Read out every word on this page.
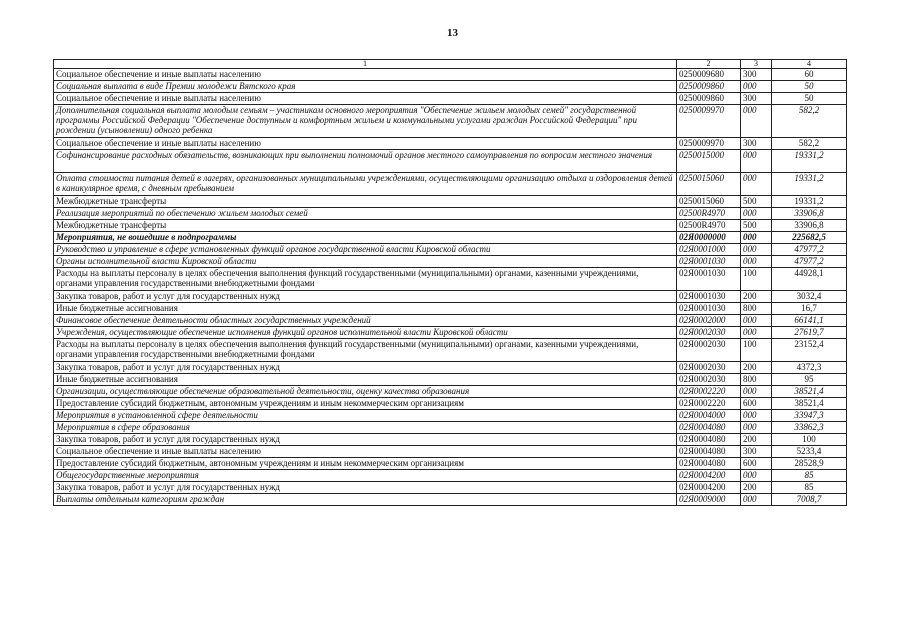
13
1	2	3	4
Социальное обеспечение и иные выплаты населению	0250009680	300	60
Социальная выплата в виде Премии молодежи Вятского края	0250009860	000	50
Социальное обеспечение и иные выплаты населению	0250009860	300	50
Дополнительная социальная выплата молодым семьям – участникам основного мероприятия "Обеспечение жильем молодых семей" государственной программы Российской Федерации "Обеспечение доступным и комфортным жильем и коммунальными услугами граждан Российской Федерации" при рождении (усыновлении) одного ребенка	0250009970	000	582,2
Социальное обеспечение и иные выплаты населению	0250009970	300	582,2
Софинансирование расходных обязательств, возникающих при выполнении полномочий органов местного самоуправления по вопросам местного значения	0250015000	000	19331,2
Оплата стоимости питания детей в лагерях, организованных муниципальными учреждениями, осуществляющими организацию отдыха и оздоровления детей в каникулярное время, с дневным пребыванием	0250015060	000	19331,2
Межбюджетные трансферты	0250015060	500	19331,2
Реализация мероприятий по обеспечению жильем молодых семей	02500R4970	000	33906,8
Межбюджетные трансферты	02500R4970	500	33906,8
Мероприятия, не вошедшие в подпрограммы	02Я0000000	000	225682,5
Руководство и управление в сфере установленных функций органов государственной власти Кировской области	02Я0001000	000	47977,2
Органы исполнительной власти Кировской области	02Я0001030	000	47977,2
Расходы на выплаты персоналу в целях обеспечения выполнения функций государственными (муниципальными) органами, казенными учреждениями, органами управления государственными внебюджетными фондами	02Я0001030	100	44928,1
Закупка товаров, работ и услуг для государственных нужд	02Я0001030	200	3032,4
Иные бюджетные ассигнования	02Я0001030	800	16,7
Финансовое обеспечение деятельности областных государственных учреждений	02Я0002000	000	66141,1
Учреждения, осуществляющие обеспечение исполнения функций органов исполнительной власти Кировской области	02Я0002030	000	27619,7
Расходы на выплаты персоналу в целях обеспечения выполнения функций государственными (муниципальными) органами, казенными учреждениями, органами управления государственными внебюджетными фондами	02Я0002030	100	23152,4
Закупка товаров, работ и услуг для государственных нужд	02Я0002030	200	4372,3
Иные бюджетные ассигнования	02Я0002030	800	95
Организации, осуществляющие обеспечение образовательной деятельности, оценку качества образования	02Я0002220	000	38521,4
Предоставление субсидий бюджетным, автономным учреждениям и иным некоммерческим организациям	02Я0002220	600	38521,4
Мероприятия в установленной сфере деятельности	02Я0004000	000	33947,3
Мероприятия в сфере образования	02Я0004080	000	33862,3
Закупка товаров, работ и услуг для государственных нужд	02Я0004080	200	100
Социальное обеспечение и иные выплаты населению	02Я0004080	300	5233,4
Предоставление субсидий бюджетным, автономным учреждениям и иным некоммерческим организациям	02Я0004080	600	28528,9
Общегосударственные мероприятия	02Я0004200	000	85
Закупка товаров, работ и услуг для государственных нужд	02Я0004200	200	85
Выплаты отдельным категориям граждан	02Я0009000	000	7008,7
